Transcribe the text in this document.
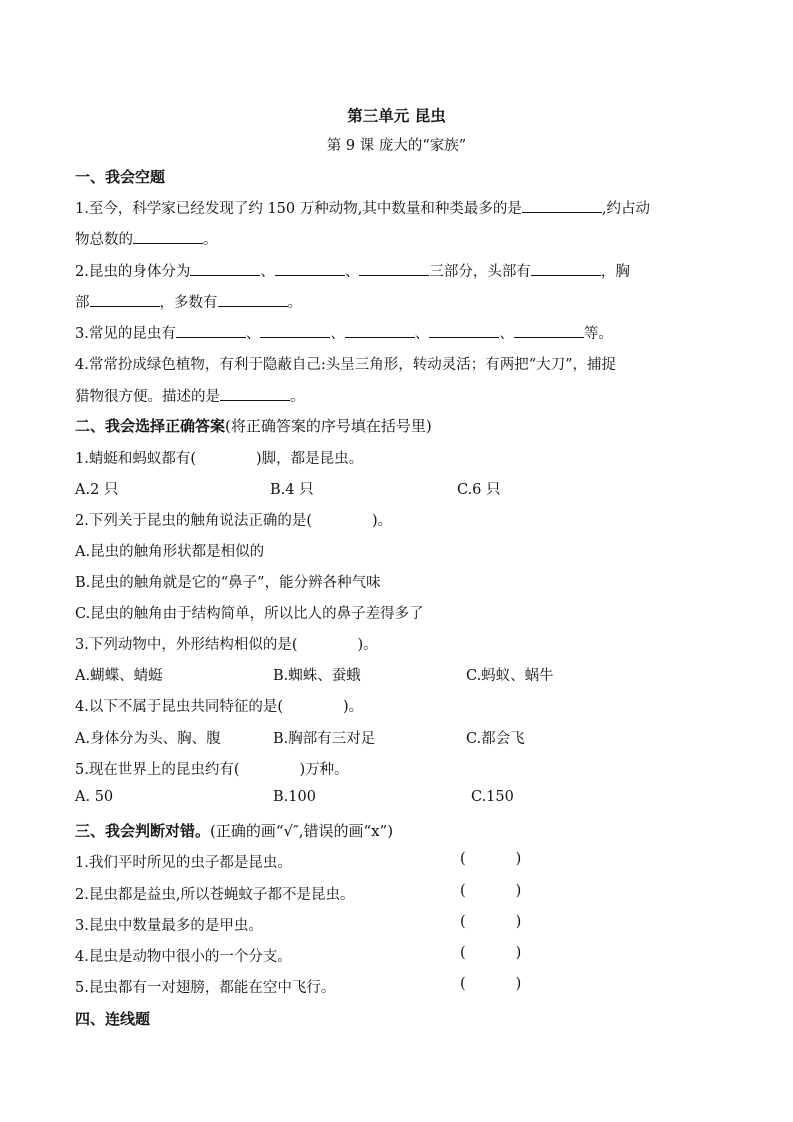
第三单元 昆虫
第 9 课 庞大的“家族”
一、我会空题
1.至今，科学家已经发现了约 150 万种动物,其中数量和种类最多的是	,约占动
物总数的	。
2.昆虫的身体分为	、	、	三部分，头部有	，胸
部	，多数有	。
3.常见的昆虫有	、	、	、	、	等。
4.常常扮成绿色植物，有利于隐蔽自己:头呈三角形，转动灵活；有两把“大刀”，捕捉
猎物很方便。描述的是	。
二、我会选择正确答案(将正确答案的序号填在括号里)
1.蜻蜓和蚂蚁都有(	)脚，都是昆虫。
A.2 只	B.4 只	C.6 只
2.下列关于昆虫的触角说法正确的是(	)。
A.昆虫的触角形状都是相似的
B.昆虫的触角就是它的“鼻子”，能分辨各种气味
C.昆虫的触角由于结构简单，所以比人的鼻子差得多了
3.下列动物中，外形结构相似的是(	)。
A.蝴蝶、蜻蜓	B.蜘蛛、蚕蛾	C.蚂蚁、蜗牛
4.以下不属于昆虫共同特征的是(	)。
A.身体分为头、胸、腹	B.胸部有三对足	C.都会飞
5.现在世界上的昆虫约有(	)万种。
A. 50	B.100	C.150
三、我会判断对错。(正确的画“√″,错误的画“x”)
1.我们平时所见的虫子都是昆虫。	(	)
2.昆虫都是益虫,所以苍蝇蚊子都不是昆虫。	(	)
3.昆虫中数量最多的是甲虫。	(	)
4.昆虫是动物中很小的一个分支。	(	)
5.昆虫都有一对翅膀，都能在空中飞行。	(	)
四、连线题
